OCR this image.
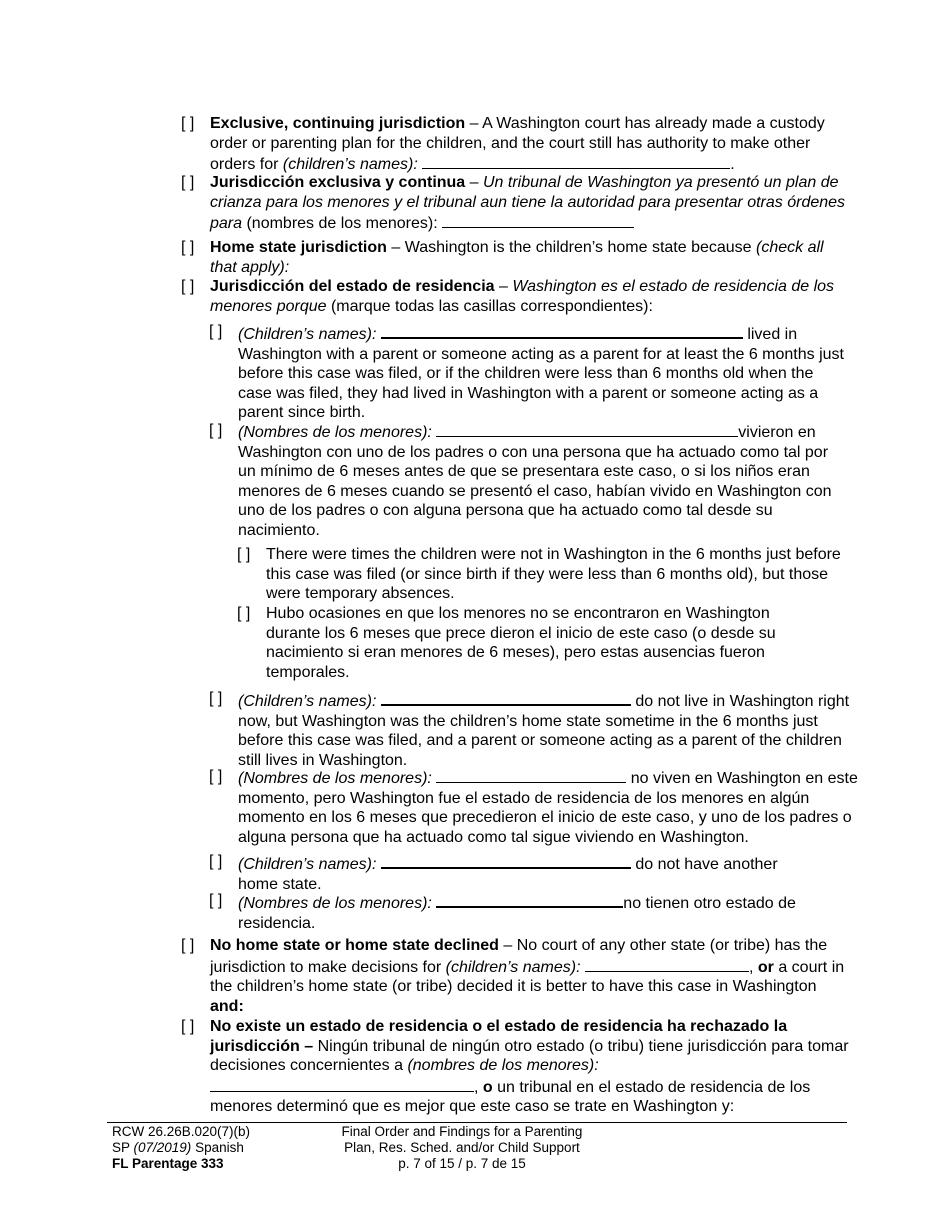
[ ] Exclusive, continuing jurisdiction – A Washington court has already made a custody order or parenting plan for the children, and the court still has authority to make other orders for (children’s names):	.
[ ] Jurisdicción exclusiva y continua – Un tribunal de Washington ya presentó un plan de crianza para los menores y el tribunal aun tiene la autoridad para presentar otras órdenes para (nombres de los menores):
[ ] Home state jurisdiction – Washington is the children’s home state because (check all that apply):
[ ] Jurisdicción del estado de residencia – Washington es el estado de residencia de los menores porque (marque todas las casillas correspondientes):
[ ] (Children’s names):	lived in Washington with a parent or someone acting as a parent for at least the 6 months just before this case was filed, or if the children were less than 6 months old when the case was filed, they had lived in Washington with a parent or someone acting as a parent since birth.
[ ] (Nombres de los menores):	vivieron en Washington con uno de los padres o con una persona que ha actuado como tal por un mínimo de 6 meses antes de que se presentara este caso, o si los niños eran menores de 6 meses cuando se presentó el caso, habían vivido en Washington con uno de los padres o con alguna persona que ha actuado como tal desde su nacimiento.
[ ] There were times the children were not in Washington in the 6 months just before this case was filed (or since birth if they were less than 6 months old), but those were temporary absences.
[ ] Hubo ocasiones en que los menores no se encontraron en Washington durante los 6 meses que prece dieron el inicio de este caso (o desde su nacimiento si eran menores de 6 meses), pero estas ausencias fueron temporales.
[ ] (Children’s names):	do not live in Washington right now, but Washington was the children’s home state sometime in the 6 months just before this case was filed, and a parent or someone acting as a parent of the children still lives in Washington.
[ ] (Nombres de los menores):	no viven en Washington en este momento, pero Washington fue el estado de residencia de los menores en algún momento en los 6 meses que precedieron el inicio de este caso, y uno de los padres o alguna persona que ha actuado como tal sigue viviendo en Washington.
[ ] (Children’s names):	do not have another home state.
[ ] (Nombres de los menores):	no tienen otro estado de residencia.
[ ] No home state or home state declined – No court of any other state (or tribe) has the jurisdiction to make decisions for (children’s names):	, or a court in the children’s home state (or tribe) decided it is better to have this case in Washington and:
[ ] No existe un estado de residencia o el estado de residencia ha rechazado la jurisdicción – Ningún tribunal de ningún otro estado (o tribu) tiene jurisdicción para tomar decisiones concernientes a (nombres de los menores): , o un tribunal en el estado de residencia de los menores determinó que es mejor que este caso se trate en Washington y:
RCW 26.26B.020(7)(b)
SP (07/2019) Spanish
FL Parentage 333
Final Order and Findings for a Parenting
Plan, Res. Sched. and/or Child Support
p. 7 of 15 / p. 7 de 15
